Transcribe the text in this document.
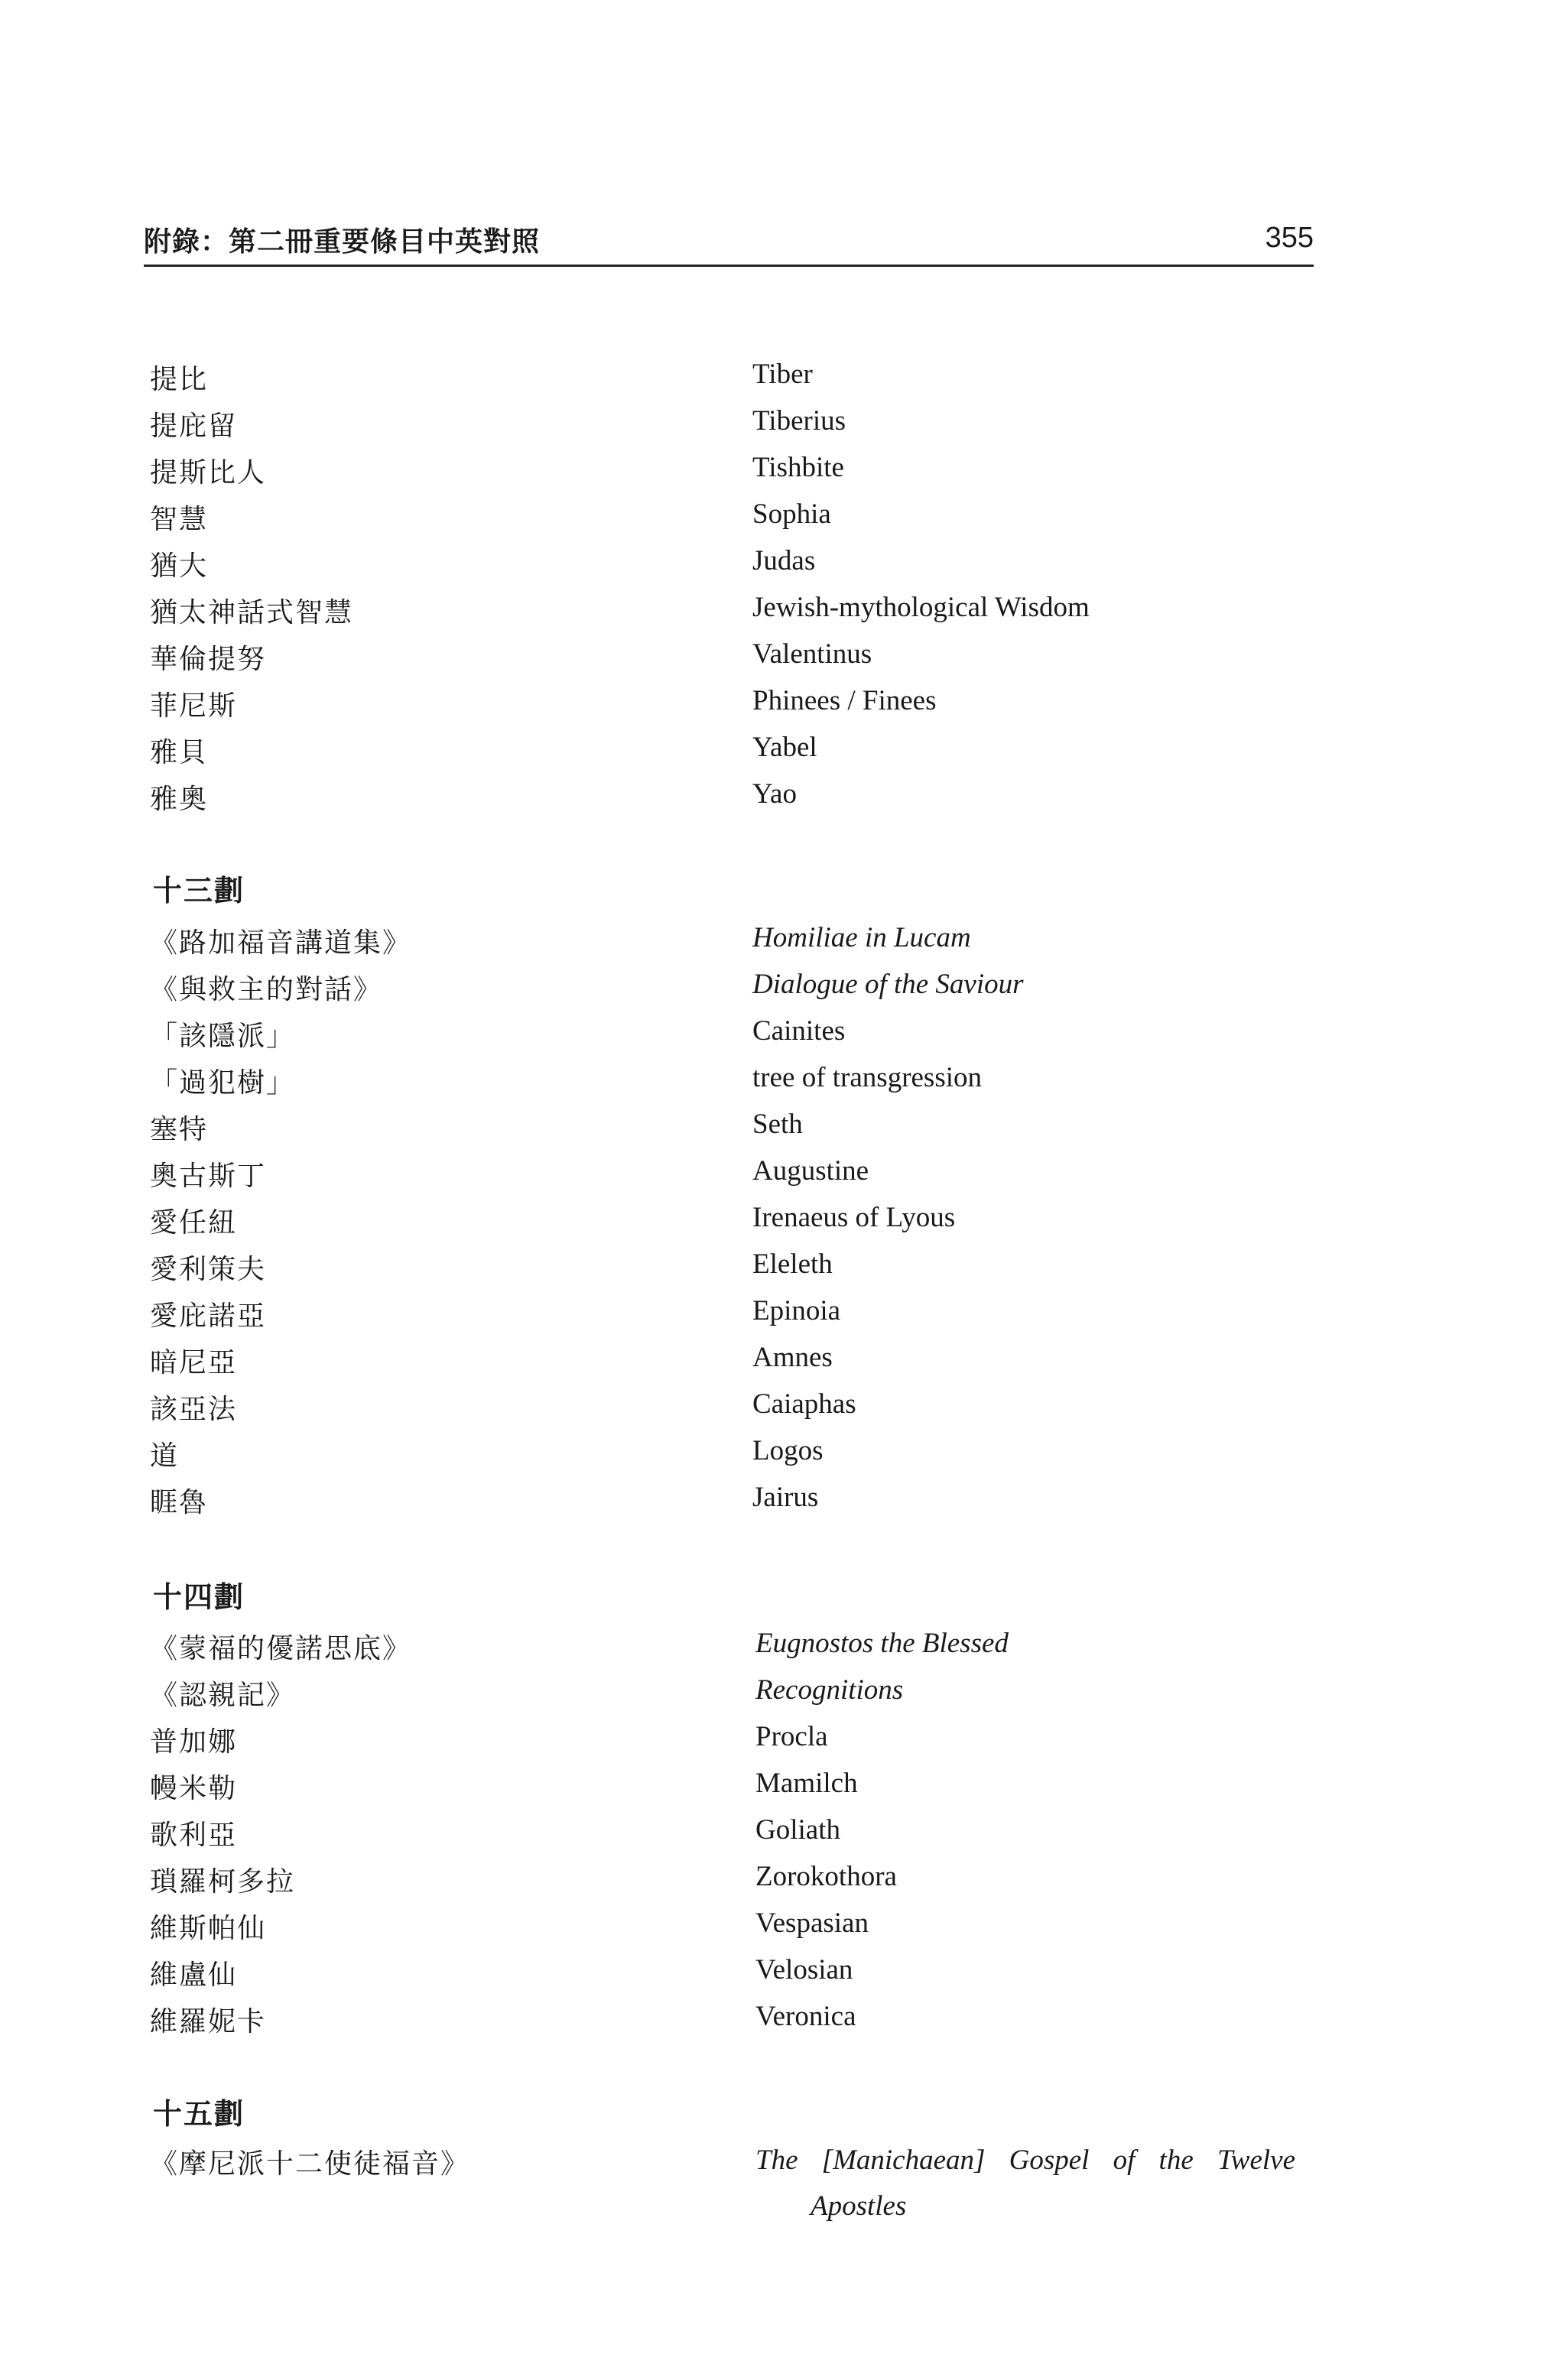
附錄：第二冊重要條目中英對照	355
提比	Tiber
提庇留	Tiberius
提斯比人	Tishbite
智慧	Sophia
猶大	Judas
猶太神話式智慧	Jewish-mythological Wisdom
華倫提努	Valentinus
菲尼斯	Phinees / Finees
雅貝	Yabel
雅奧	Yao
十三劃
《路加福音講道集》	Homiliae in Lucam
《與救主的對話》	Dialogue of the Saviour
「該隱派」	Cainites
「過犯樹」	tree of transgression
塞特	Seth
奧古斯丁	Augustine
愛任紐	Irenaeus of Lyous
愛利策夫	Eleleth
愛庇諾亞	Epinoia
暗尼亞	Amnes
該亞法	Caiaphas
道	Logos
睚魯	Jairus
十四劃
《蒙福的優諾思底》	Eugnostos the Blessed
《認親記》	Recognitions
普加娜	Procla
幔米勒	Mamilch
歌利亞	Goliath
瑣羅柯多拉	Zorokothora
維斯帕仙	Vespasian
維盧仙	Velosian
維羅妮卡	Veronica
十五劃
《摩尼派十二使徒福音》	The [Manichaean] Gospel of the Twelve
Apostles
